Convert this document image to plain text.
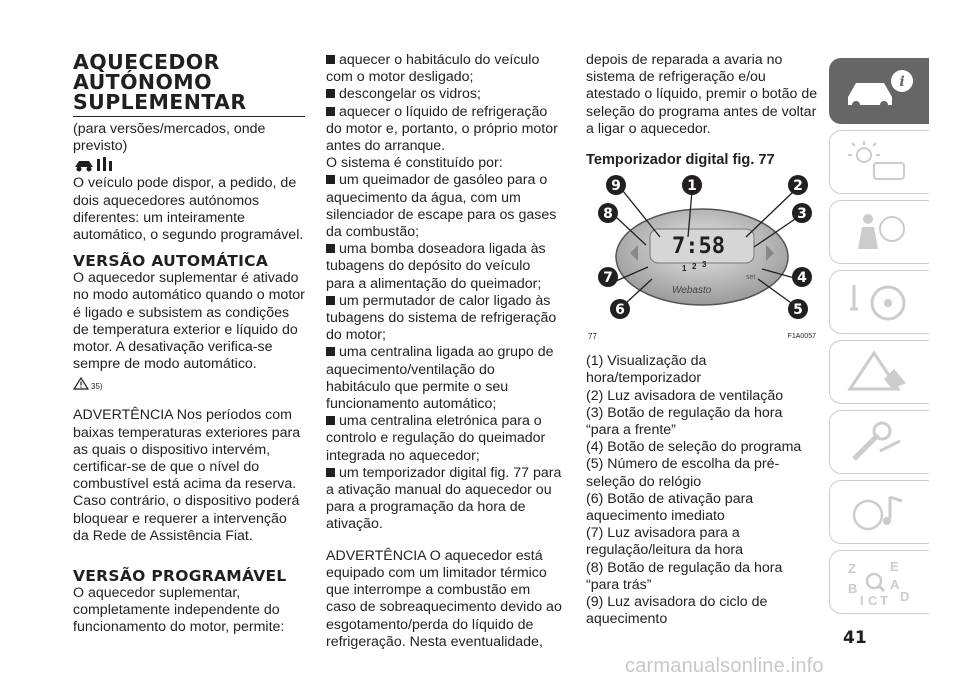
AQUECEDOR
AUTÓNOMO
SUPLEMENTAR

(para versões/mercados, onde previsto)

O veículo pode dispor, a pedido, de dois aquecedores autónomos diferentes: um inteiramente automático, o segundo programável.

VERSÃO AUTOMÁTICA

O aquecedor suplementar é ativado no modo automático quando o motor é ligado e subsistem as condições de temperatura exterior e líquido do motor. A desativação verifica-se sempre de modo automático.

35)

ADVERTÊNCIA Nos períodos com baixas temperaturas exteriores para as quais o dispositivo intervém, certificar-se de que o nível do combustível está acima da reserva. Caso contrário, o dispositivo poderá bloquear e requerer a intervenção da Rede de Assistência Fiat.

VERSÃO PROGRAMÁVEL

O aquecedor suplementar, completamente independente do funcionamento do motor, permite:

aquecer o habitáculo do veículo com o motor desligado;

descongelar os vidros;

aquecer o líquido de refrigeração do motor e, portanto, o próprio motor antes do arranque.

O sistema é constituído por:

um queimador de gasóleo para o aquecimento da água, com um silenciador de escape para os gases da combustão;

uma bomba doseadora ligada às tubagens do depósito do veículo para a alimentação do queimador;

um permutador de calor ligado às tubagens do sistema de refrigeração do motor;

uma centralina ligada ao grupo de aquecimento/ventilação do habitáculo que permite o seu funcionamento automático;

uma centralina eletrónica para o controlo e regulação do queimador integrada no aquecedor;

um temporizador digital fig. 77 para a ativação manual do aquecedor ou para a programação da hora de ativação.

ADVERTÊNCIA O aquecedor está equipado com um limitador térmico que interrompe a combustão em caso de sobreaquecimento devido ao esgotamento/perda do líquido de refrigeração. Nesta eventualidade,

depois de reparada a avaria no sistema de refrigeração e/ou atestado o líquido, premir o botão de seleção do programa antes de voltar a ligar o aquecedor.

Temporizador digital fig. 77
7:58
1 2 3
Webasto
set
9	1	2
8	3
7	4
6	5
77	F1A0057

(1) Visualização da hora/temporizador

(2) Luz avisadora de ventilação

(3) Botão de regulação da hora “para a frente”

(4) Botão de seleção do programa

(5) Número de escolha da pré-seleção do relógio

(6) Botão de ativação para aquecimento imediato

(7) Luz avisadora para a regulação/leitura da hora

(8) Botão de regulação da hora “para trás”

(9) Luz avisadora do ciclo de aquecimento

i
Z	E
B	A
I C T D
41
carmanualsonline.info
